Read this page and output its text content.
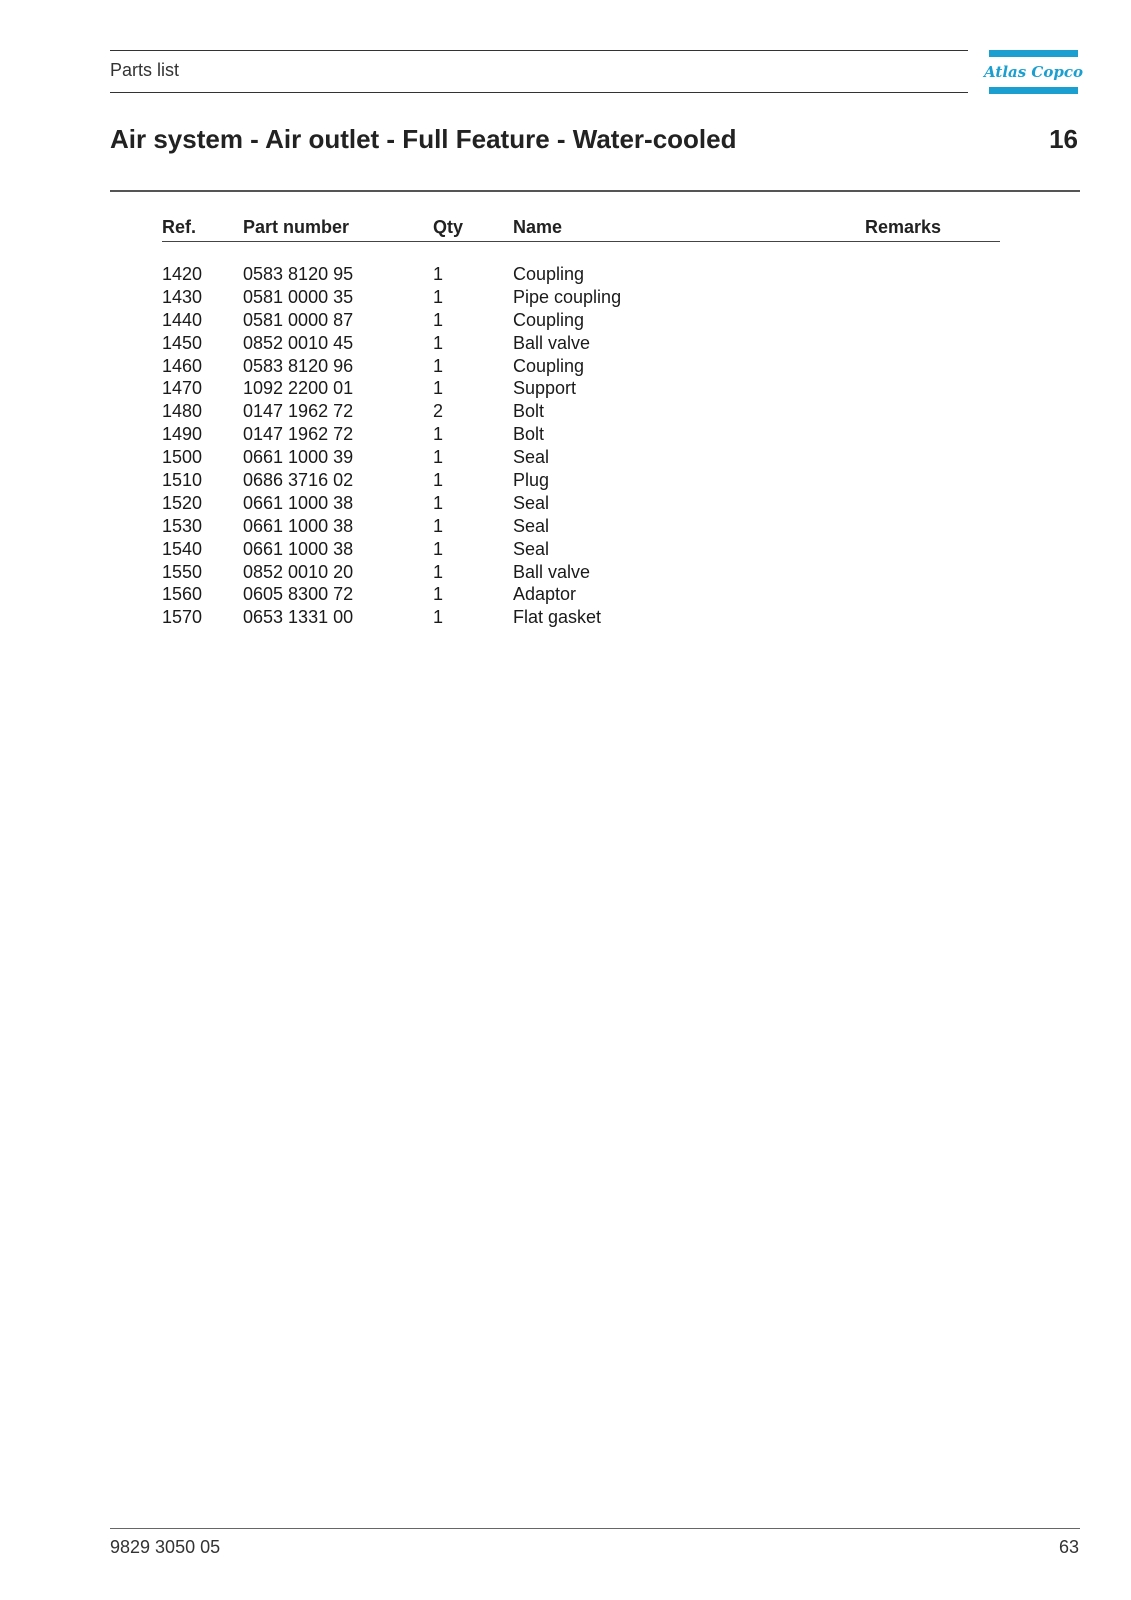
Parts list	Atlas Copco
Air system - Air outlet - Full Feature - Water-cooled	16
Ref.	Part number	Qty	Name	Remarks
1420 0583 8120 95	1	Coupling
1430 0581 0000 35	1	Pipe coupling
1440 0581 0000 87	1	Coupling
1450 0852 0010 45	1	Ball valve
1460 0583 8120 96	1	Coupling
1470 1092 2200 01	1	Support
1480 0147 1962 72	2	Bolt
1490 0147 1962 72	1	Bolt
1500 0661 1000 39	1	Seal
1510 0686 3716 02	1	Plug
1520 0661 1000 38	1	Seal
1530 0661 1000 38	1	Seal
1540 0661 1000 38	1	Seal
1550 0852 0010 20	1	Ball valve
1560 0605 8300 72	1	Adaptor
1570 0653 1331 00	1	Flat gasket
9829 3050 05	63
